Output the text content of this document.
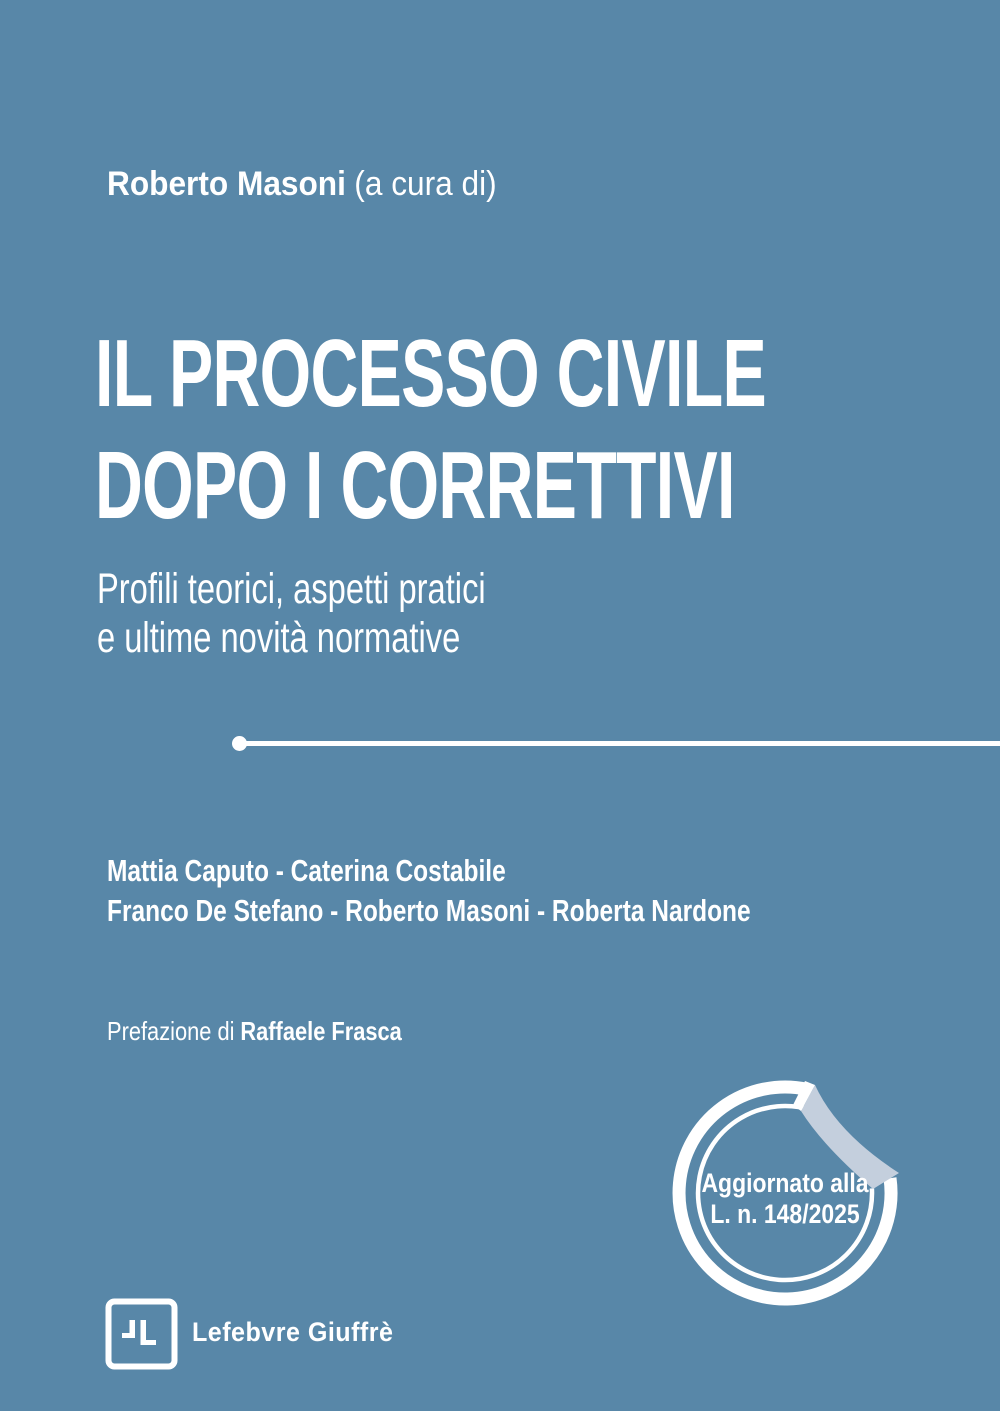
Roberto Masoni (a cura di)
IL PROCESSO CIVILE
DOPO I CORRETTIVI
Profili teorici, aspetti pratici
e ultime novità normative
Mattia Caputo - Caterina Costabile
Franco De Stefano - Roberto Masoni - Roberta Nardone
Prefazione di Raffaele Frasca
Aggiornato alla
L. n. 148/2025
Lefebvre Giuffrè
